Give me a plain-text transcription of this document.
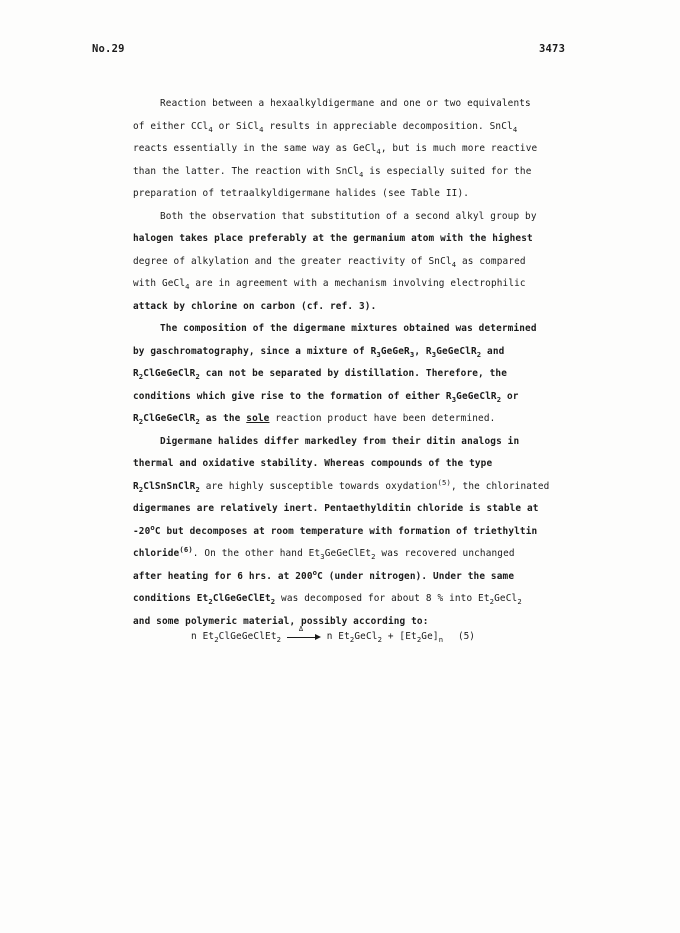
No.29	3473
Reaction between a hexaalkyldigermane and one or two equivalents
of either CCl$_4$ or SiCl$_4$ results in appreciable decomposition. SnCl$_4$
reacts essentially in the same way as GeCl$_4$, but is much more reactive
than the latter. The reaction with SnCl$_4$ is especially suited for the
preparation of tetraalkyldigermane halides (see Table II).
Both the observation that substitution of a second alkyl group by
halogen takes place preferably at the germanium atom with the highest
degree of alkylation and the greater reactivity of SnCl$_4$ as compared
with GeCl$_4$ are in agreement with a mechanism involving electrophilic
attack by chlorine on carbon (cf. ref. 3).
The composition of the digermane mixtures obtained was determined
by gaschromatography, since a mixture of $R_3GeGeR_3$, $R_3GeGeClR_2$ and
$R_2ClGeGeClR_2$ can not be separated by distillation. Therefore, the
conditions which give rise to the formation of either $R_3GeGeClR_2$ or
$R_2ClGeGeClR_2$ as the sole reaction product have been determined.
Digermane halides differ markedley from their ditin analogs in
thermal and oxidative stability. Whereas compounds of the type
$R_2ClSnSnClR_2$ are highly susceptible towards oxydation$^{(5)}$, the chlorinated
digermanes are relatively inert. Pentaethylditin chloride is stable at
-20$^o$C but decomposes at room temperature with formation of triethyltin
chloride$^{(6)}$. On the other hand $Et_3GeGeClEt_2$ was recovered unchanged
after heating for 6 hrs. at 200$^o$C (under nitrogen). Under the same
conditions $Et_2ClGeGeClEt_2$ was decomposed for about 8 % into $Et_2GeCl_2$
and some polymeric material, possibly according to:
n $Et_2ClGeGeClEt_2$
Δ
n $Et_2GeCl_2 + [Et_2Ge]_n$ (5)
